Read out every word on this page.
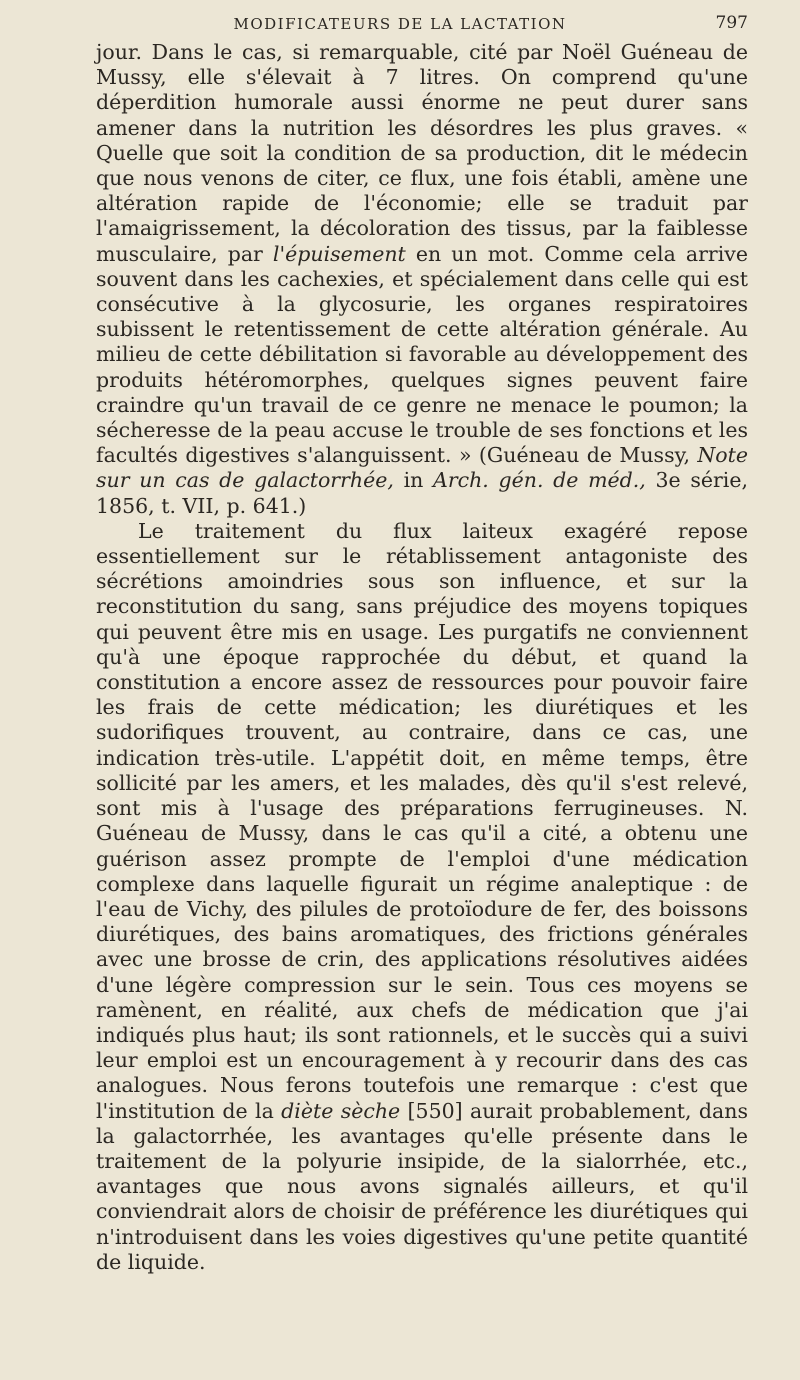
MODIFICATEURS DE LA LACTATION	797

jour. Dans le cas, si remarquable, cité par Noël Guéneau de Mussy, elle s'élevait à 7 litres. On comprend qu'une déperdition humorale aussi énorme ne peut durer sans amener dans la nutrition les désordres les plus graves. « Quelle que soit la condition de sa production, dit le médecin que nous venons de citer, ce flux, une fois établi, amène une altération rapide de l'économie; elle se traduit par l'amaigrissement, la décoloration des tissus, par la faiblesse musculaire, par l'épuisement en un mot. Comme cela arrive souvent dans les cachexies, et spécialement dans celle qui est consécutive à la glycosurie, les organes respiratoires subissent le retentissement de cette altération générale. Au milieu de cette débilitation si favorable au développement des produits hétéromorphes, quelques signes peuvent faire craindre qu'un travail de ce genre ne menace le poumon; la sécheresse de la peau accuse le trouble de ses fonctions et les facultés digestives s'alanguissent. » (Guéneau de Mussy, Note sur un cas de galactorrhée, in Arch. gén. de méd., 3e série, 1856, t. VII, p. 641.)

Le traitement du flux laiteux exagéré repose essentiellement sur le rétablissement antagoniste des sécrétions amoindries sous son influence, et sur la reconstitution du sang, sans préjudice des moyens topiques qui peuvent être mis en usage. Les purgatifs ne conviennent qu'à une époque rapprochée du début, et quand la constitution a encore assez de ressources pour pouvoir faire les frais de cette médication; les diurétiques et les sudorifiques trouvent, au contraire, dans ce cas, une indication très-utile. L'appétit doit, en même temps, être sollicité par les amers, et les malades, dès qu'il s'est relevé, sont mis à l'usage des préparations ferrugineuses. N. Guéneau de Mussy, dans le cas qu'il a cité, a obtenu une guérison assez prompte de l'emploi d'une médication complexe dans laquelle figurait un régime analeptique : de l'eau de Vichy, des pilules de protoïodure de fer, des boissons diurétiques, des bains aromatiques, des frictions générales avec une brosse de crin, des applications résolutives aidées d'une légère compression sur le sein. Tous ces moyens se ramènent, en réalité, aux chefs de médication que j'ai indiqués plus haut; ils sont rationnels, et le succès qui a suivi leur emploi est un encouragement à y recourir dans des cas analogues. Nous ferons toutefois une remarque : c'est que l'institution de la diète sèche [550] aurait probablement, dans la galactorrhée, les avantages qu'elle présente dans le traitement de la polyurie insipide, de la sialorrhée, etc., avantages que nous avons signalés ailleurs, et qu'il conviendrait alors de choisir de préférence les diurétiques qui n'introduisent dans les voies digestives qu'une petite quantité de liquide.
